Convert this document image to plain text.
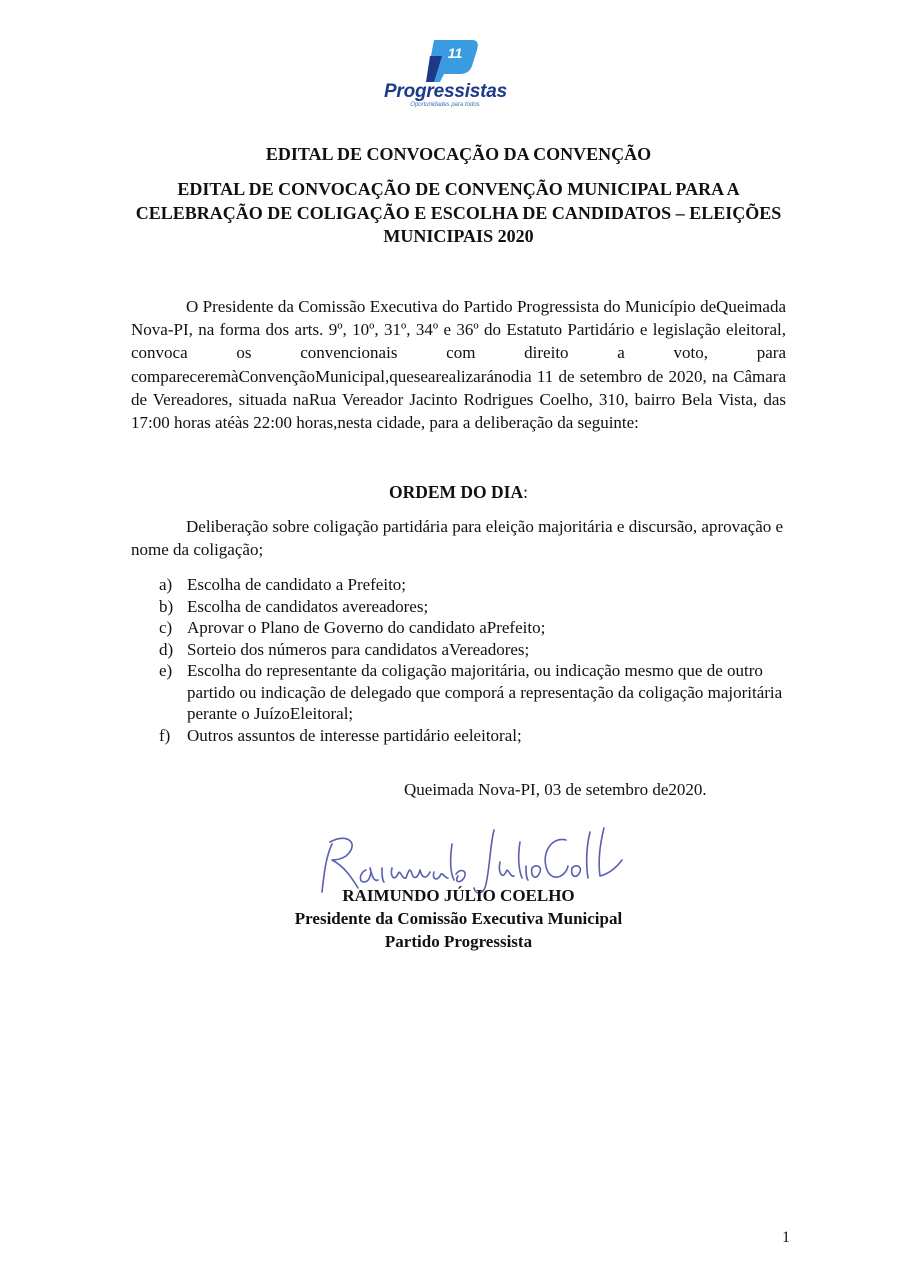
11
Progressistas
Oportunidades para todos
EDITAL DE CONVOCAÇÃO DA CONVENÇÃO
EDITAL DE CONVOCAÇÃO DE CONVENÇÃO MUNICIPAL PARA A CELEBRAÇÃO DE COLIGAÇÃO E ESCOLHA DE CANDIDATOS – ELEIÇÕES MUNICIPAIS 2020

O Presidente da Comissão Executiva do Partido Progressista do Município deQueimada Nova-PI, na forma dos arts. 9º, 10º, 31º, 34º e 36º do Estatuto Partidário e legislação eleitoral, convoca os convencionais com direito a voto, para compareceremàConvençãoMunicipal,quesearealizaránodia 11 de setembro de 2020, na Câmara de Vereadores, situada naRua Vereador Jacinto Rodrigues Coelho, 310, bairro Bela Vista, das 17:00 horas atéàs 22:00 horas,nesta cidade, para a deliberação da seguinte:

ORDEM DO DIA:

Deliberação sobre coligação partidária para eleição majoritária e discursão, aprovação e nome da coligação;

a) Escolha de candidato a Prefeito;
b) Escolha de candidatos avereadores;
c) Aprovar o Plano de Governo do candidato aPrefeito;
d) Sorteio dos números para candidatos aVereadores;
e) Escolha do representante da coligação majoritária, ou indicação mesmo que de outro partido ou indicação de delegado que comporá a representação da coligação majoritária perante o JuízoEleitoral;
f) Outros assuntos de interesse partidário eeleitoral;

Queimada Nova-PI, 03 de setembro de2020.

RAIMUNDO JÚLIO COELHO
Presidente da Comissão Executiva Municipal
Partido Progressista
1
